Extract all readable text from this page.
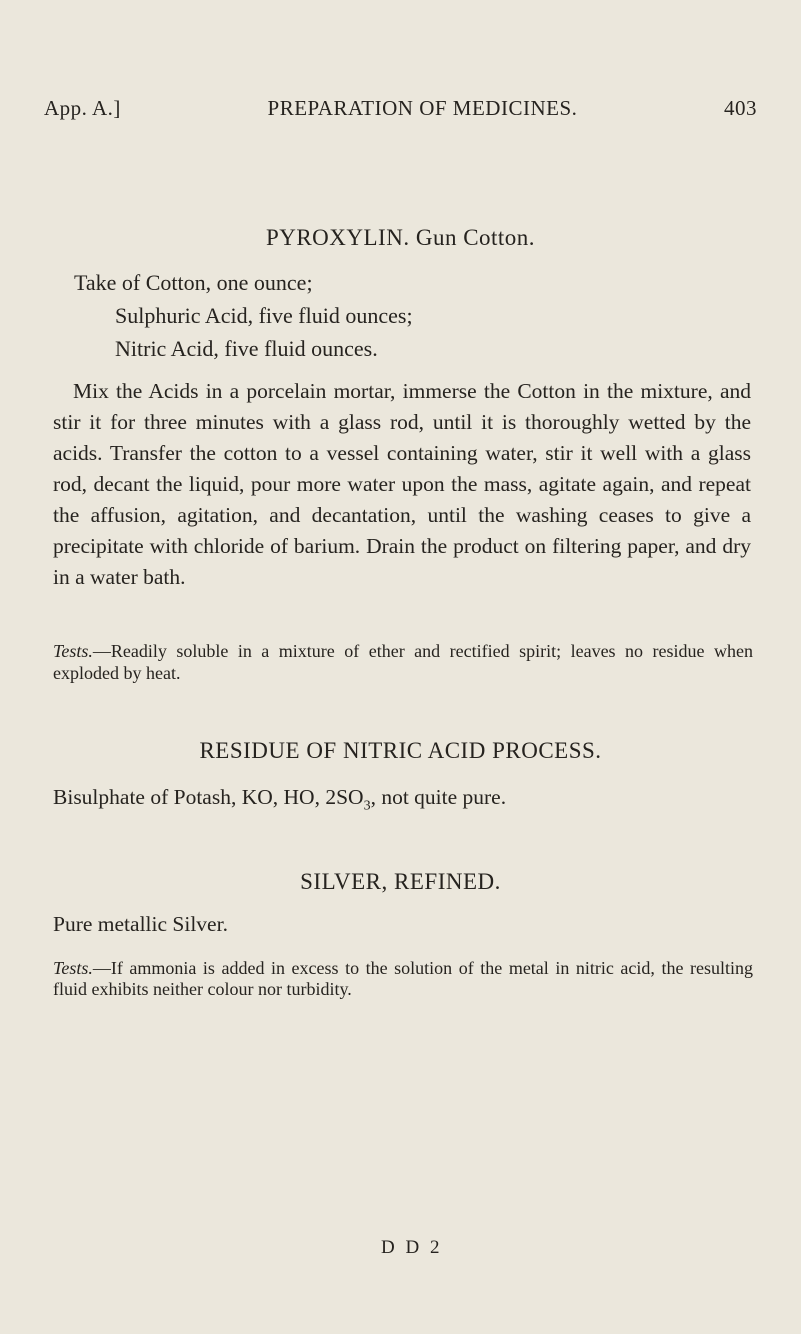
App. A.]	PREPARATION OF MEDICINES.	403
PYROXYLIN. Gun Cotton.
Take of Cotton, one ounce;
Sulphuric Acid, five fluid ounces;
Nitric Acid, five fluid ounces.
Mix the Acids in a porcelain mortar, immerse the Cotton in the mixture, and stir it for three minutes with a glass rod, until it is thoroughly wetted by the acids. Transfer the cotton to a vessel containing water, stir it well with a glass rod, decant the liquid, pour more water upon the mass, agitate again, and repeat the affusion, agitation, and decantation, until the washing ceases to give a precipitate with chloride of barium. Drain the product on filtering paper, and dry in a water bath.
Tests.—Readily soluble in a mixture of ether and rectified spirit; leaves no residue when exploded by heat.
RESIDUE OF NITRIC ACID PROCESS.
Bisulphate of Potash, KO, HO, $2SO_3$, not quite pure.
SILVER, REFINED.
Pure metallic Silver.
Tests.—If ammonia is added in excess to the solution of the metal in nitric acid, the resulting fluid exhibits neither colour nor turbidity.
D D 2
